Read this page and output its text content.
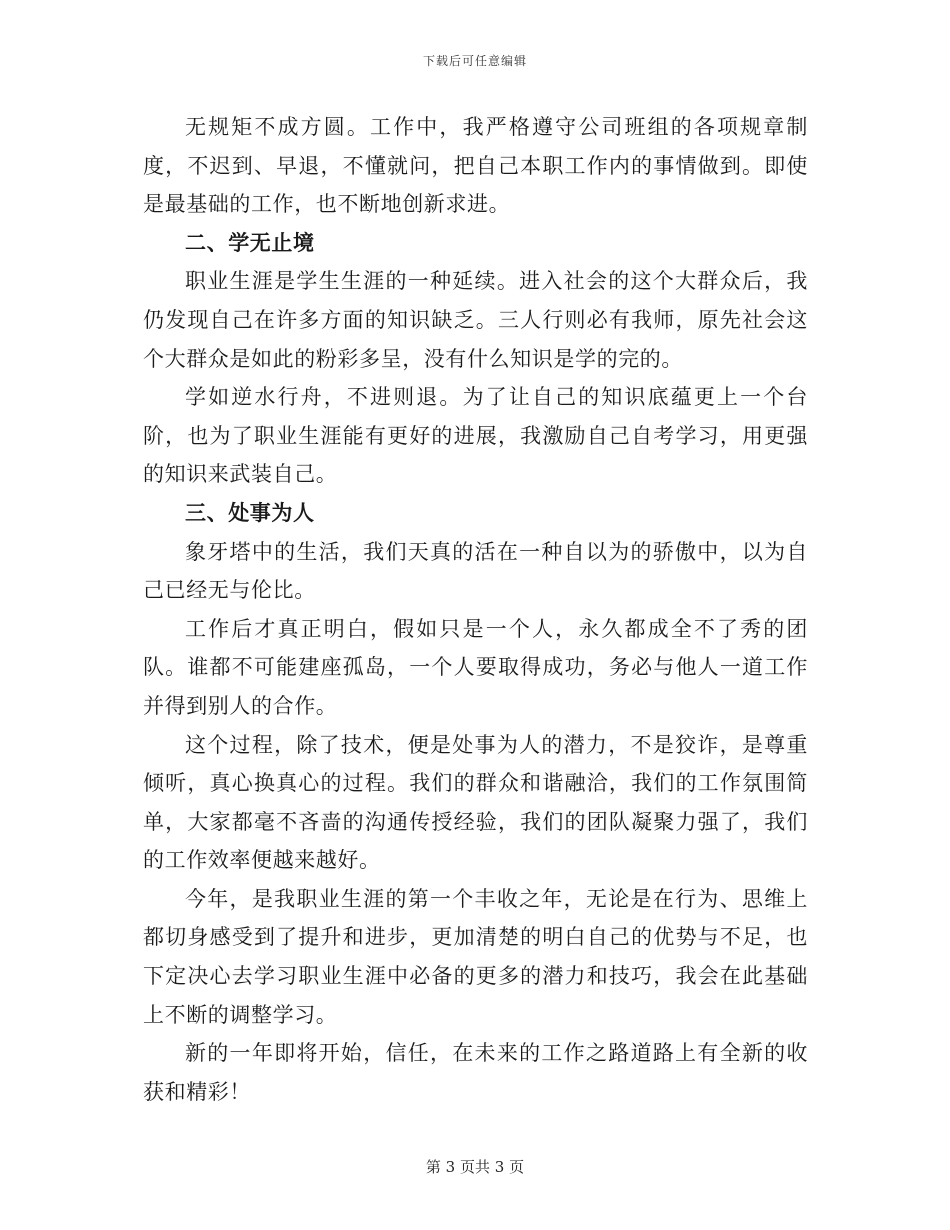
下载后可任意编辑

无规矩不成方圆。工作中，我严格遵守公司班组的各项规章制度，不迟到、早退，不懂就问，把自己本职工作内的事情做到。即使是最基础的工作，也不断地创新求进。

二、学无止境

职业生涯是学生生涯的一种延续。进入社会的这个大群众后，我仍发现自己在许多方面的知识缺乏。三人行则必有我师，原先社会这个大群众是如此的粉彩多呈，没有什么知识是学的完的。

学如逆水行舟，不进则退。为了让自己的知识底蕴更上一个台阶，也为了职业生涯能有更好的进展，我激励自己自考学习，用更强的知识来武装自己。

三、处事为人

象牙塔中的生活，我们天真的活在一种自以为的骄傲中，以为自己已经无与伦比。

工作后才真正明白，假如只是一个人，永久都成全不了秀的团队。谁都不可能建座孤岛，一个人要取得成功，务必与他人一道工作并得到别人的合作。

这个过程，除了技术，便是处事为人的潜力，不是狡诈，是尊重倾听，真心换真心的过程。我们的群众和谐融洽，我们的工作氛围简单，大家都毫不吝啬的沟通传授经验，我们的团队凝聚力强了，我们的工作效率便越来越好。

今年，是我职业生涯的第一个丰收之年，无论是在行为、思维上都切身感受到了提升和进步，更加清楚的明白自己的优势与不足，也下定决心去学习职业生涯中必备的更多的潜力和技巧，我会在此基础上不断的调整学习。

新的一年即将开始，信任，在未来的工作之路道路上有全新的收获和精彩！

第 3 页共 3 页
